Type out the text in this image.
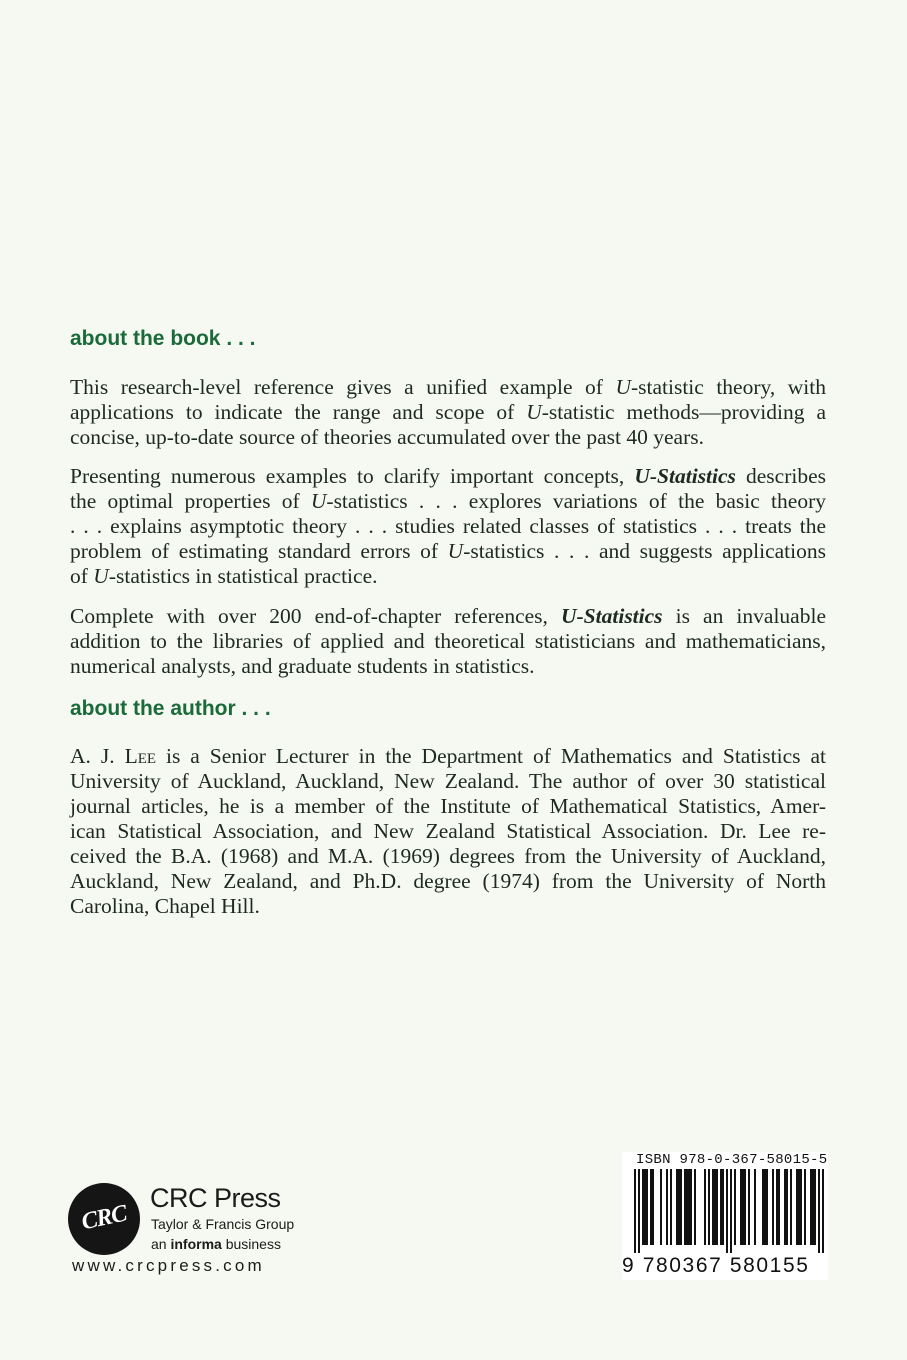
about the book . . .
This research-level reference gives a unified example of U-statistic theory, with
applications to indicate the range and scope of U-statistic methods—providing a
concise, up-to-date source of theories accumulated over the past 40 years.
Presenting numerous examples to clarify important concepts, U-Statistics describes
the optimal properties of U-statistics . . . explores variations of the basic theory
. . . explains asymptotic theory . . . studies related classes of statistics . . . treats the
problem of estimating standard errors of U-statistics . . . and suggests applications
of U-statistics in statistical practice.
Complete with over 200 end-of-chapter references, U-Statistics is an invaluable
addition to the libraries of applied and theoretical statisticians and mathematicians,
numerical analysts, and graduate students in statistics.
about the author . . .
A. J. Lee is a Senior Lecturer in the Department of Mathematics and Statistics at
University of Auckland, Auckland, New Zealand. The author of over 30 statistical
journal articles, he is a member of the Institute of Mathematical Statistics, Amer-
ican Statistical Association, and New Zealand Statistical Association. Dr. Lee re-
ceived the B.A. (1968) and M.A. (1969) degrees from the University of Auckland,
Auckland, New Zealand, and Ph.D. degree (1974) from the University of North
Carolina, Chapel Hill.
CRC
CRC Press
Taylor & Francis Group
an informa business
www.crcpress.com
ISBN 978-0-367-58015-5
9 780367 580155
